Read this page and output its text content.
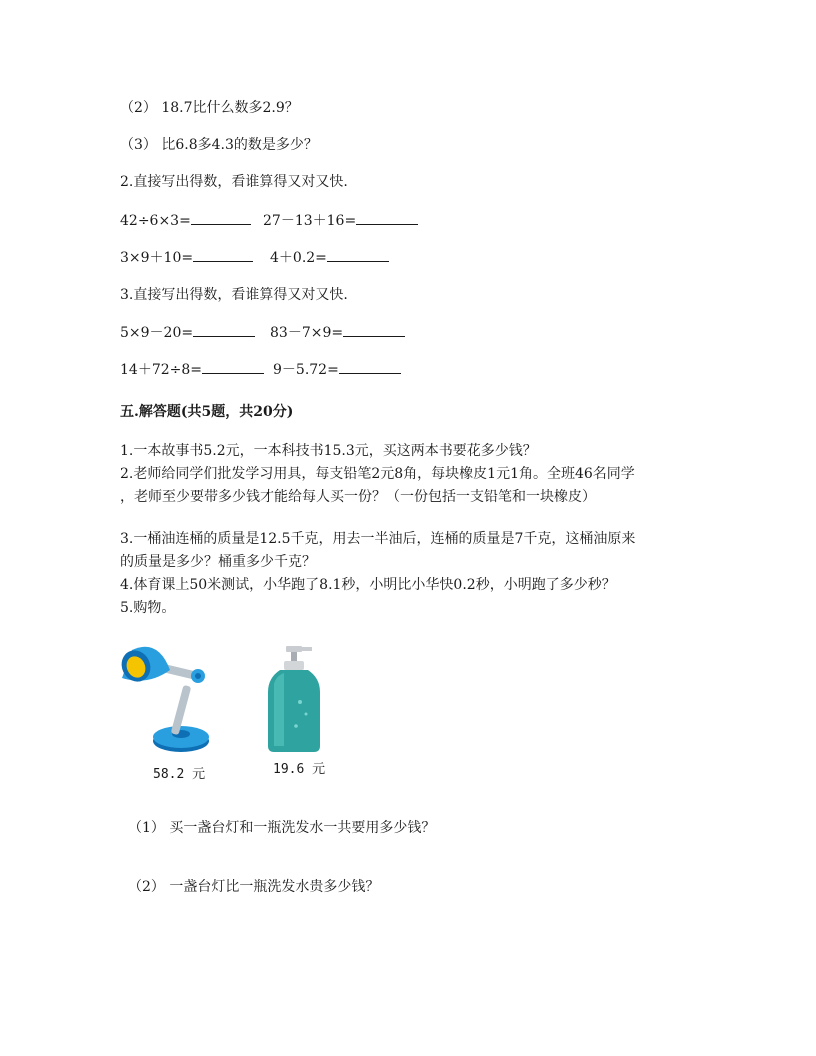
（2） 18.7比什么数多2.9？
（3） 比6.8多4.3的数是多少？
2.直接写出得数，看谁算得又对又快.
42÷6×3=	27－13＋16=
3×9＋10=	4＋0.2=
3.直接写出得数，看谁算得又对又快.
5×9－20=	83－7×9=
14＋72÷8=	9－5.72=
五.解答题(共5题，共20分)
1.一本故事书5.2元，一本科技书15.3元，买这两本书要花多少钱？
2.老师给同学们批发学习用具，每支铅笔2元8角，每块橡皮1元1角。全班46名同学
，老师至少要带多少钱才能给每人买一份？（一份包括一支铅笔和一块橡皮）
3.一桶油连桶的质量是12.5千克，用去一半油后，连桶的质量是7千克，这桶油原来
的质量是多少？桶重多少千克？
4.体育课上50米测试，小华跑了8.1秒，小明比小华快0.2秒，小明跑了多少秒？
5.购物。
58.2 元	19.6 元
（1） 买一盏台灯和一瓶洗发水一共要用多少钱？
（2） 一盏台灯比一瓶洗发水贵多少钱？
